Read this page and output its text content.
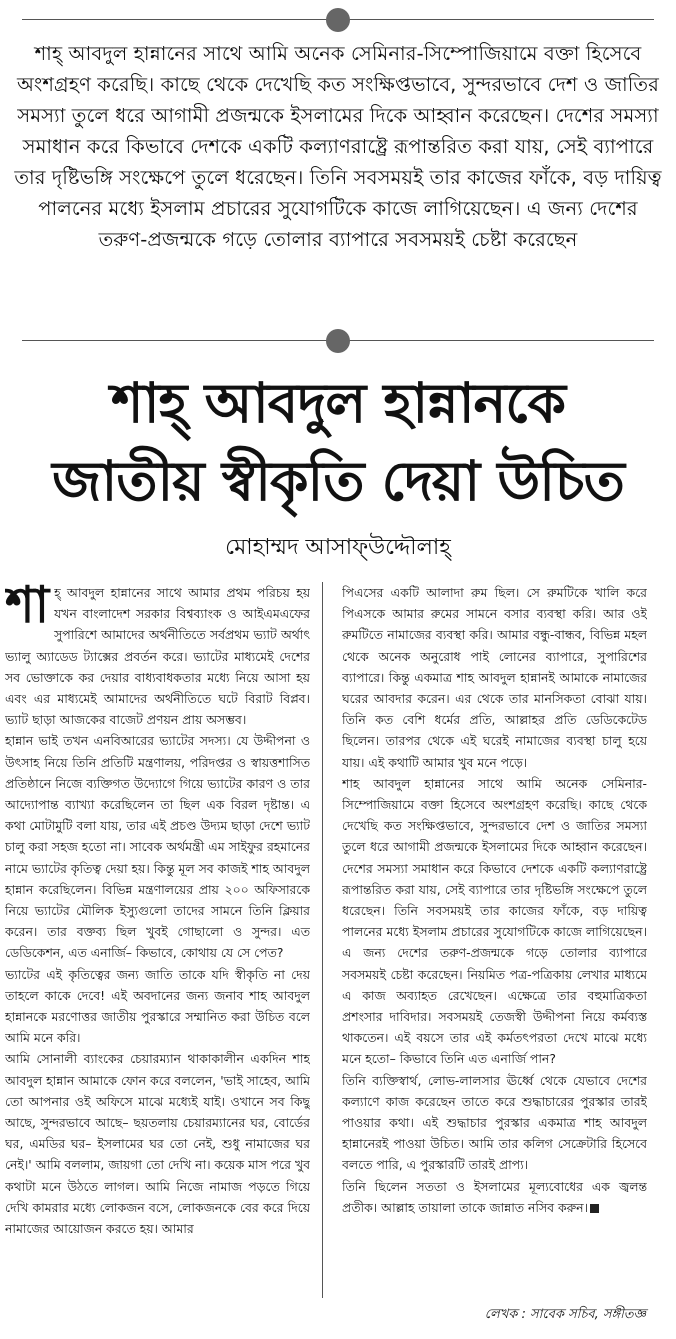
শাহ্ আবদুল হান্নানের সাথে আমি অনেক সেমিনার-সিম্পোজিয়ামে বক্তা হিসেবে অংশগ্রহণ করেছি। কাছে থেকে দেখেছি কত সংক্ষিপ্তভাবে, সুন্দরভাবে দেশ ও জাতির সমস্যা তুলে ধরে আগামী প্রজন্মকে ইসলামের দিকে আহ্বান করেছেন। দেশের সমস্যা সমাধান করে কিভাবে দেশকে একটি কল্যাণরাষ্ট্রে রূপান্তরিত করা যায়, সেই ব্যাপারে তার দৃষ্টিভঙ্গি সংক্ষেপে তুলে ধরেছেন। তিনি সবসময়ই তার কাজের ফাঁকে, বড় দায়িত্ব পালনের মধ্যে ইসলাম প্রচারের সুযোগটিকে কাজে লাগিয়েছেন। এ জন্য দেশের তরুণ-প্রজন্মকে গড়ে তোলার ব্যাপারে সবসময়ই চেষ্টা করেছেন
শাহ্ আবদুল হান্নানকে
জাতীয় স্বীকৃতি দেয়া উচিত
মোহাম্মদ আসাফ্উদ্দৌলাহ্

শাহ্ আবদুল হান্নানের সাথে আমার প্রথম পরিচয় হয় যখন বাংলাদেশ সরকার বিশ্বব্যাংক ও আইএমএফের সুপারিশে আমাদের অর্থনীতিতে সর্বপ্রথম ভ্যাট অর্থাৎ ভ্যালু অ্যাডেড ট্যাক্সের প্রবর্তন করে। ভ্যাটের মাধ্যমেই দেশের সব ভোক্তাকে কর দেয়ার বাধ্যবাধকতার মধ্যে নিয়ে আসা হয় এবং এর মাধ্যমেই আমাদের অর্থনীতিতে ঘটে বিরাট বিপ্লব। ভ্যাট ছাড়া আজকের বাজেট প্রণয়ন প্রায় অসম্ভব।

হান্নান ভাই তখন এনবিআরের ভ্যাটের সদস্য। যে উদ্দীপনা ও উৎসাহ নিয়ে তিনি প্রতিটি মন্ত্রণালয়, পরিদপ্তর ও স্বায়ত্তশাসিত প্রতিষ্ঠানে নিজে ব্যক্তিগত উদ্যোগে গিয়ে ভ্যাটের কারণ ও তার আদ্যোপান্ত ব্যাখ্যা করেছিলেন তা ছিল এক বিরল দৃষ্টান্ত। এ কথা মোটামুটি বলা যায়, তার এই প্রচণ্ড উদ্যম ছাড়া দেশে ভ্যাট চালু করা সহজ হতো না। সাবেক অর্থমন্ত্রী এম সাইফুর রহমানের নামে ভ্যাটের কৃতিত্ব দেয়া হয়। কিন্তু মূল সব কাজই শাহ আবদুল হান্নান করেছিলেন। বিভিন্ন মন্ত্রণালয়ের প্রায় ২০০ অফিসারকে নিয়ে ভ্যাটের মৌলিক ইস্যুগুলো তাদের সামনে তিনি ক্লিয়ার করেন। তার বক্তব্য ছিল খুবই গোছালো ও সুন্দর। এত ডেডিকেশন, এত এনার্জি– কিভাবে, কোথায় যে সে পেত?

ভ্যাটের এই কৃতিত্বের জন্য জাতি তাকে যদি স্বীকৃতি না দেয় তাহলে কাকে দেবে! এই অবদানের জন্য জনাব শাহ আবদুল হান্নানকে মরণোত্তর জাতীয় পুরস্কারে সম্মানিত করা উচিত বলে আমি মনে করি।

আমি সোনালী ব্যাংকের চেয়ারম্যান থাকাকালীন একদিন শাহ আবদুল হান্নান আমাকে ফোন করে বললেন, 'ভাই সাহেব, আমি তো আপনার ওই অফিসে মাঝে মধ্যেই যাই। ওখানে সব কিছু আছে, সুন্দরভাবে আছে– ছয়তলায় চেয়ারম্যানের ঘর, বোর্ডের ঘর, এমডির ঘর– ইসলামের ঘর তো নেই, শুধু নামাজের ঘর নেই।' আমি বললাম, জায়গা তো দেখি না। কয়েক মাস পরে খুব কথাটা মনে উঠতে লাগল। আমি নিজে নামাজ পড়তে গিয়ে দেখি কামরার মধ্যে লোকজন বসে, লোকজনকে বের করে দিয়ে নামাজের আয়োজন করতে হয়। আমার

পিএসের একটি আলাদা রুম ছিল। সে রুমটিকে খালি করে পিএসকে আমার রুমের সামনে বসার ব্যবস্থা করি। আর ওই রুমটিতে নামাজের ব্যবস্থা করি। আমার বন্ধু-বান্ধব, বিভিন্ন মহল থেকে অনেক অনুরোধ পাই লোনের ব্যাপারে, সুপারিশের ব্যাপারে। কিন্তু একমাত্র শাহ আবদুল হান্নানই আমাকে নামাজের ঘরের আবদার করেন। এর থেকে তার মানসিকতা বোঝা যায়। তিনি কত বেশি ধর্মের প্রতি, আল্লাহর প্রতি ডেডিকেটেড ছিলেন। তারপর থেকে এই ঘরেই নামাজের ব্যবস্থা চালু হয়ে যায়। এই কথাটি আমার খুব মনে পড়ে।

শাহ আবদুল হান্নানের সাথে আমি অনেক সেমিনার-সিম্পোজিয়ামে বক্তা হিসেবে অংশগ্রহণ করেছি। কাছে থেকে দেখেছি কত সংক্ষিপ্তভাবে, সুন্দরভাবে দেশ ও জাতির সমস্যা তুলে ধরে আগামী প্রজন্মকে ইসলামের দিকে আহ্বান করেছেন। দেশের সমস্যা সমাধান করে কিভাবে দেশকে একটি কল্যাণরাষ্ট্রে রূপান্তরিত করা যায়, সেই ব্যাপারে তার দৃষ্টিভঙ্গি সংক্ষেপে তুলে ধরেছেন। তিনি সবসময়ই তার কাজের ফাঁকে, বড় দায়িত্ব পালনের মধ্যে ইসলাম প্রচারের সুযোগটিকে কাজে লাগিয়েছেন। এ জন্য দেশের তরুণ-প্রজন্মকে গড়ে তোলার ব্যাপারে সবসময়ই চেষ্টা করেছেন। নিয়মিত পত্র-পত্রিকায় লেখার মাধ্যমে এ কাজ অব্যাহত রেখেছেন। এক্ষেত্রে তার বহুমাত্রিকতা প্রশংসার দাবিদার। সবসময়ই তেজস্বী উদ্দীপনা নিয়ে কর্মব্যস্ত থাকতেন। এই বয়সে তার এই কর্মতৎপরতা দেখে মাঝে মধ্যে মনে হতো– কিভাবে তিনি এত এনার্জি পান?

তিনি ব্যক্তিস্বার্থ, লোভ-লালসার ঊর্ধ্বে থেকে যেভাবে দেশের কল্যাণে কাজ করেছেন তাতে করে শুদ্ধাচারের পুরস্কার তারই পাওয়ার কথা। এই শুদ্ধাচার পুরস্কার একমাত্র শাহ আবদুল হান্নানেরই পাওয়া উচিত। আমি তার কলিগ সেক্রেটারি হিসেবে বলতে পারি, এ পুরস্কারটি তারই প্রাপ্য।

তিনি ছিলেন সততা ও ইসলামের মূল্যবোধের এক জ্বলন্ত প্রতীক। আল্লাহ তায়ালা তাকে জান্নাত নসিব করুন।

লেখক : সাবেক সচিব, সঙ্গীতজ্ঞ
